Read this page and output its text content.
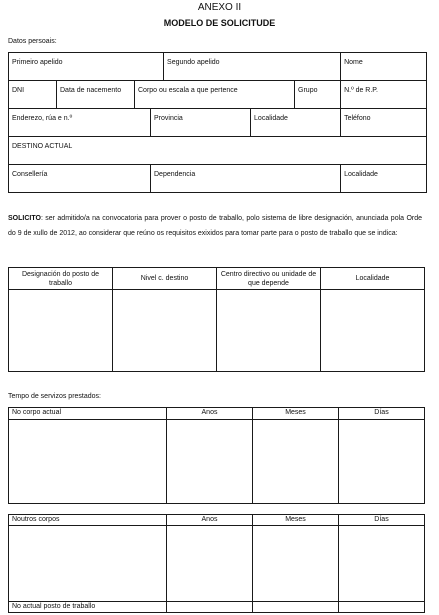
ANEXO II
MODELO DE SOLICITUDE
Datos persoais:
Primeiro apelido				Segundo apelido			Nome
DNI	Data de nacemento	Corpo ou escala a que pertence				Grupo	N.º de R.P.
Enderezo, rúa e n.º			Provincia		Localidade		Teléfono
DESTINO ACTUAL							
Consellería			Dependencia				Localidade
SOLICITO: ser admitido/a na convocatoria para prover o posto de traballo, polo sistema de libre designación, anunciada pola Orde do 9 de xullo de 2012, ao considerar que reúno os requisitos exixidos para tomar parte para o posto de traballo que se indica:
Designación do posto de traballo	Nivel c. destino	Centro directivo ou unidade de que depende	Localidade

Tempo de servizos prestados:
No corpo actual	Anos	Meses	Días

Noutros corpos	Anos	Meses	Días

No actual posto de traballo			
